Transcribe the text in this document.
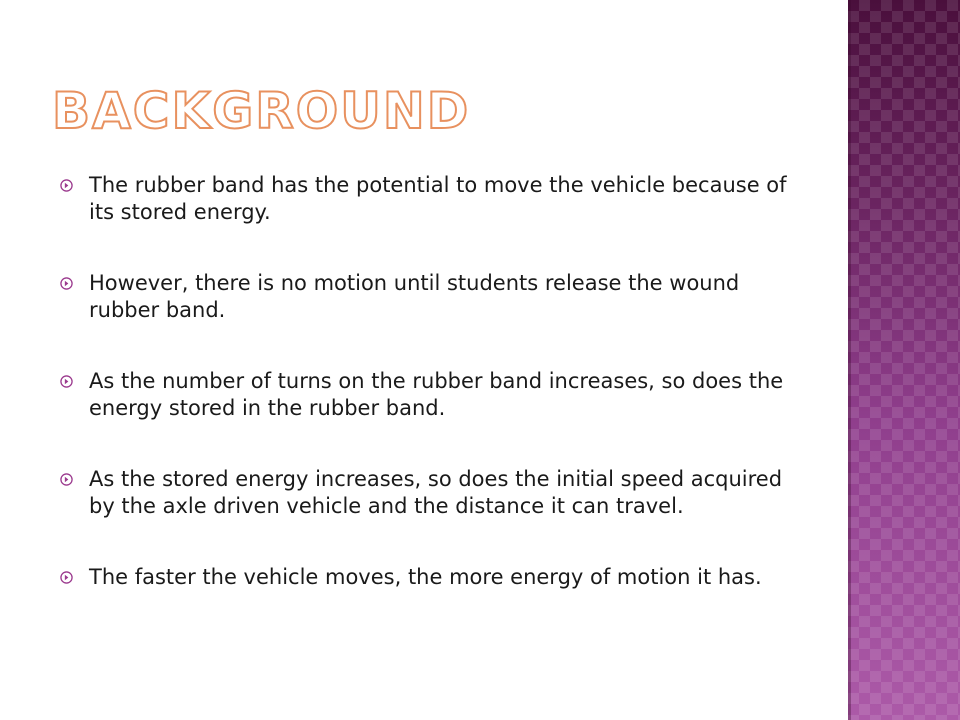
BACKGROUND
The rubber band has the potential to move the vehicle because of its stored energy.
However, there is no motion until students release the wound rubber band.
As the number of turns on the rubber band increases, so does the energy stored in the rubber band.
As the stored energy increases, so does the initial speed acquired by the axle driven vehicle and the distance it can travel.
The faster the vehicle moves, the more energy of motion it has.
